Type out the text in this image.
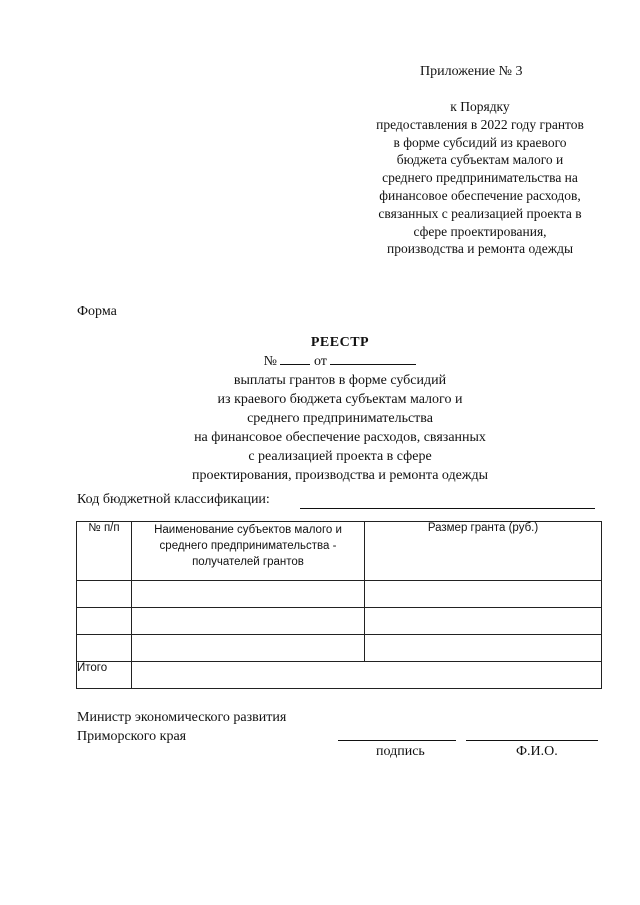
Приложение № 3
к Порядку
предоставления в 2022 году грантов
в форме субсидий из краевого
бюджета субъектам малого и
среднего предпринимательства на
финансовое обеспечение расходов,
связанных с реализацией проекта в
сфере проектирования,
производства и ремонта одежды
Форма
РЕЕСТР
№	от
выплаты грантов в форме субсидий
из краевого бюджета субъектам малого и
среднего предпринимательства
на финансовое обеспечение расходов, связанных
с реализацией проекта в сфере
проектирования, производства и ремонта одежды
Код бюджетной классификации:
№ п/п	Наименование субъектов малого и среднего предпринимательства - получателей грантов	Размер гранта (руб.)

Итого		
Министр экономического развития
Приморского края
подпись	Ф.И.О.
